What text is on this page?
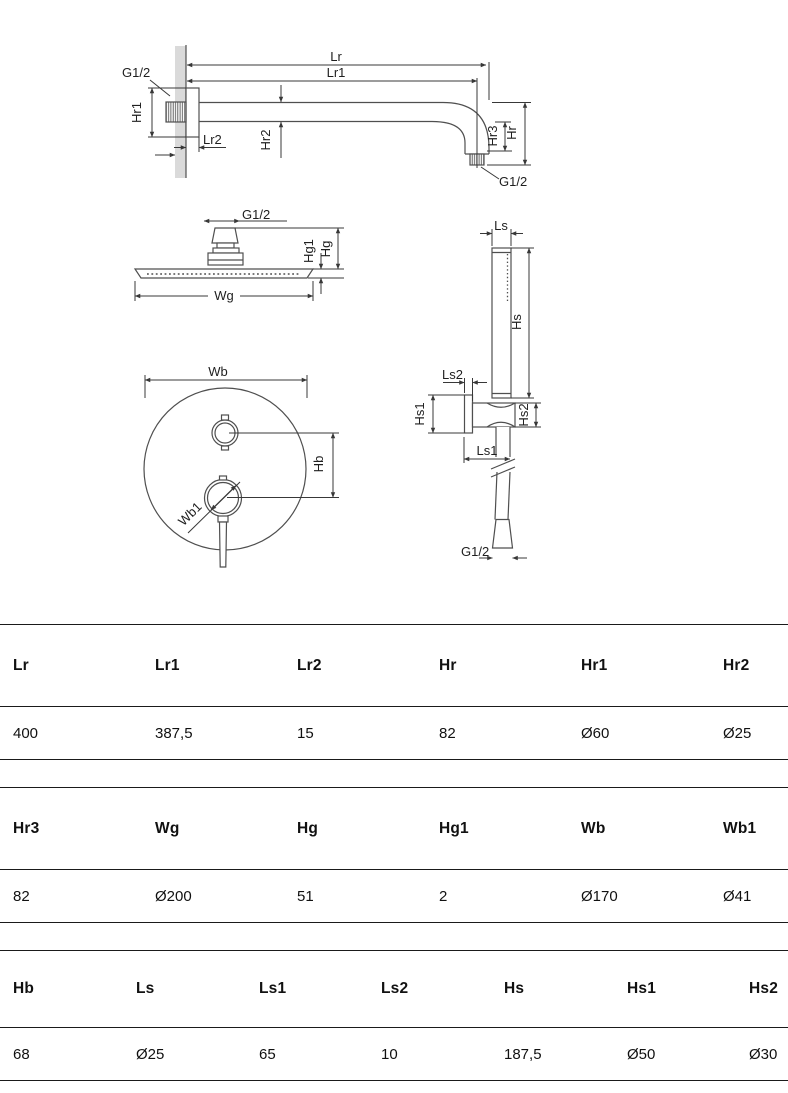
G1/2
Lr
Lr1
Lr2
Hr1
Hr2	Hr3 Hr
G1/2
G1/2
Hg1 Hg
Wg
Wb
Hb
Wb1
Ls
Hs
Ls2
Hs1	Hs2
Ls1
G1/2
Lr	Lr1	Lr2	Hr	Hr1	Hr2
400	387,5	15	82	Ø60	Ø25
Hr3	Wg	Hg	Hg1	Wb	Wb1
82	Ø200	51	2	Ø170	Ø41
Hb	Ls	Ls1	Ls2	Hs	Hs1	Hs2
68	Ø25	65	10	187,5	Ø50	Ø30
